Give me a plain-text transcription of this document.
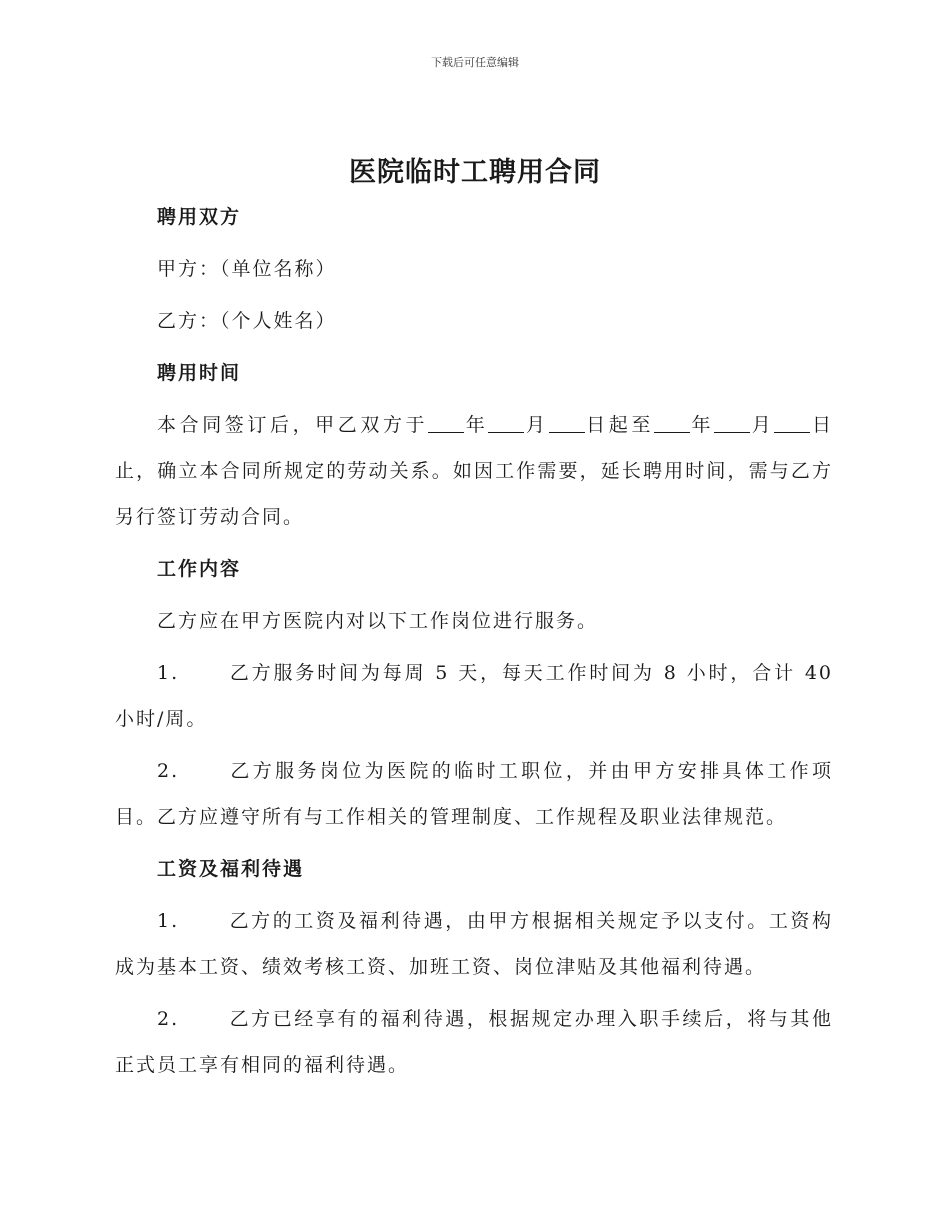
下载后可任意编辑
医院临时工聘用合同

聘用双方

甲方：（单位名称）

乙方：（个人姓名）

聘用时间

本合同签订后，甲乙双方于 年 月 日起至 年 月 日止，确立本合同所规定的劳动关系。如因工作需要，延长聘用时间，需与乙方另行签订劳动合同。

工作内容

乙方应在甲方医院内对以下工作岗位进行服务。

1.	乙方服务时间为每周 5 天，每天工作时间为 8 小时，合计 40 小时/周。

2.	乙方服务岗位为医院的临时工职位，并由甲方安排具体工作项目。乙方应遵守所有与工作相关的管理制度、工作规程及职业法律规范。

工资及福利待遇

1.	乙方的工资及福利待遇，由甲方根据相关规定予以支付。工资构成为基本工资、绩效考核工资、加班工资、岗位津贴及其他福利待遇。

2.	乙方已经享有的福利待遇，根据规定办理入职手续后，将与其他正式员工享有相同的福利待遇。
